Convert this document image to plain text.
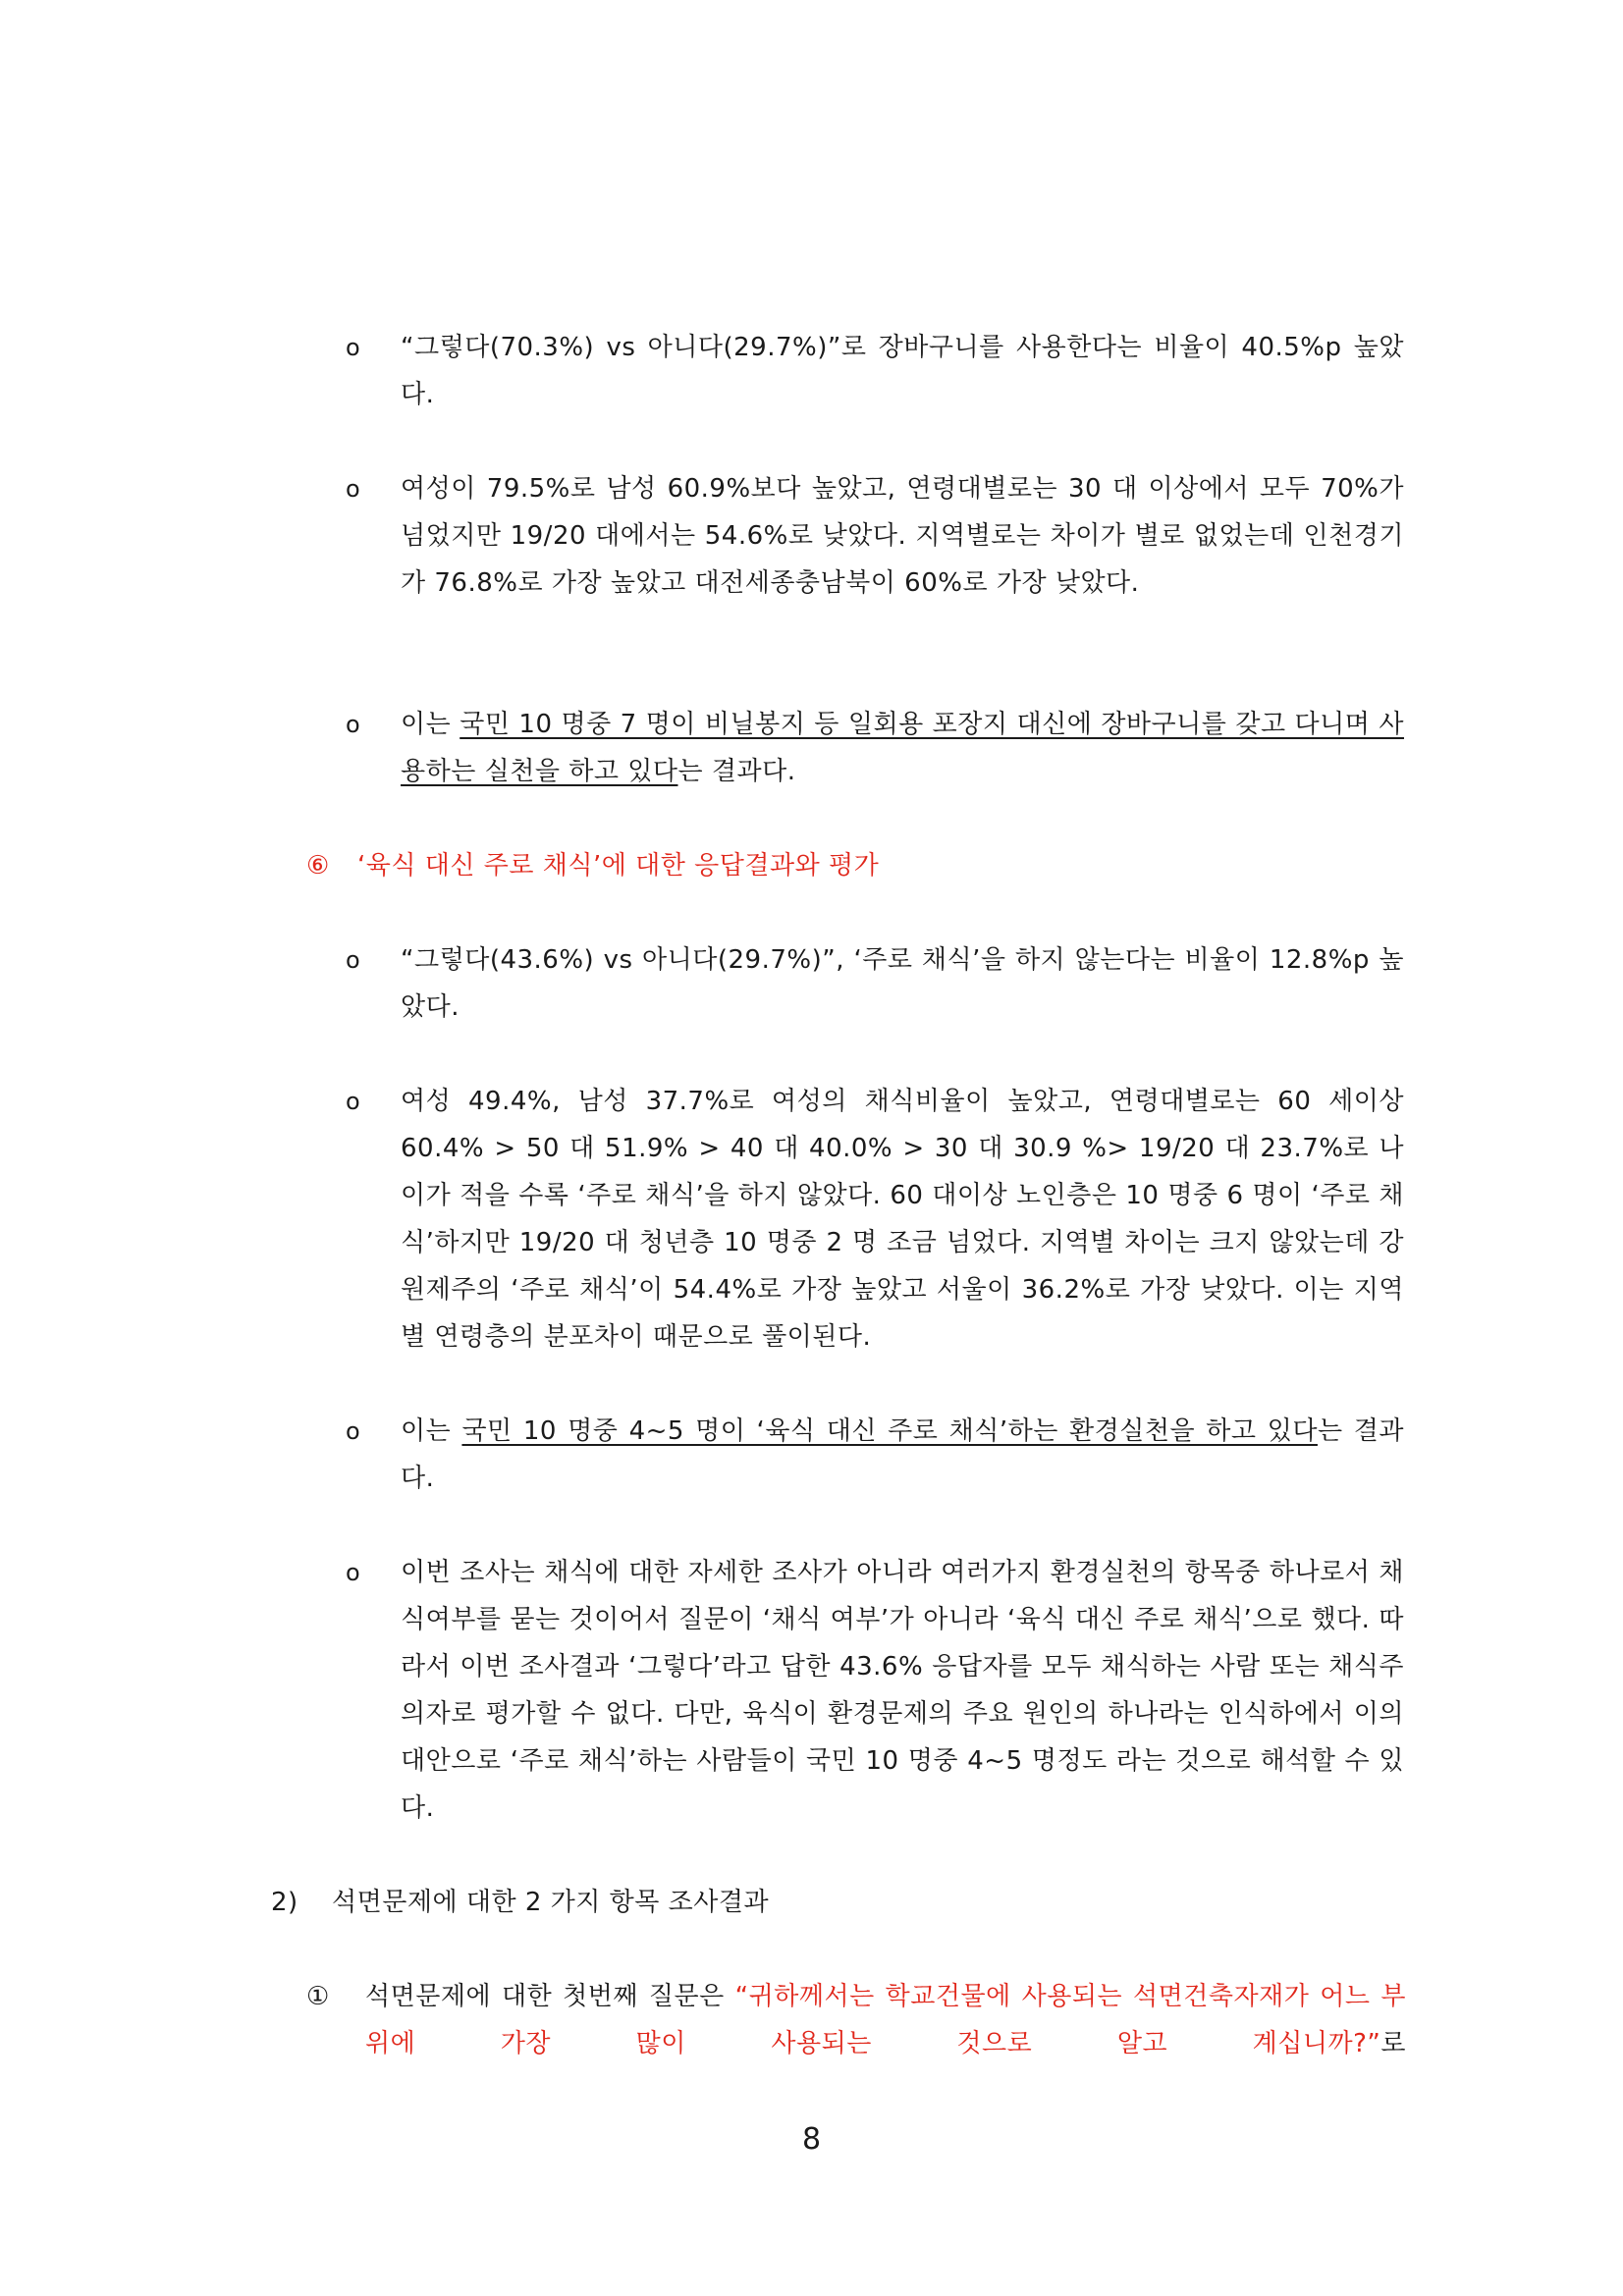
o “그렇다(70.3%) vs 아니다(29.7%)”로 장바구니를 사용한다는 비율이 40.5%p 높았다.
o 여성이 79.5%로 남성 60.9%보다 높았고, 연령대별로는 30 대 이상에서 모두 70%가 넘었지만 19/20 대에서는 54.6%로 낮았다. 지역별로는 차이가 별로 없었는데 인천경기가 76.8%로 가장 높았고 대전세종충남북이 60%로 가장 낮았다.
o 이는 국민 10 명중 7 명이 비닐봉지 등 일회용 포장지 대신에 장바구니를 갖고 다니며 사용하는 실천을 하고 있다는 결과다.
⑥ ‘육식 대신 주로 채식’에 대한 응답결과와 평가
o “그렇다(43.6%) vs 아니다(29.7%)”, ‘주로 채식’을 하지 않는다는 비율이 12.8%p 높았다.
o 여성 49.4%, 남성 37.7%로 여성의 채식비율이 높았고, 연령대별로는 60 세이상 60.4% > 50 대 51.9% > 40 대 40.0% > 30 대 30.9 %> 19/20 대 23.7%로 나이가 적을 수록 ‘주로 채식’을 하지 않았다. 60 대이상 노인층은 10 명중 6 명이 ‘주로 채식’하지만 19/20 대 청년층 10 명중 2 명 조금 넘었다. 지역별 차이는 크지 않았는데 강원제주의 ‘주로 채식’이 54.4%로 가장 높았고 서울이 36.2%로 가장 낮았다. 이는 지역별 연령층의 분포차이 때문으로 풀이된다.
o 이는 국민 10 명중 4~5 명이 ‘육식 대신 주로 채식’하는 환경실천을 하고 있다는 결과다.
o 이번 조사는 채식에 대한 자세한 조사가 아니라 여러가지 환경실천의 항목중 하나로서 채식여부를 묻는 것이어서 질문이 ‘채식 여부’가 아니라 ‘육식 대신 주로 채식’으로 했다. 따라서 이번 조사결과 ‘그렇다’라고 답한 43.6% 응답자를 모두 채식하는 사람 또는 채식주의자로 평가할 수 없다. 다만, 육식이 환경문제의 주요 원인의 하나라는 인식하에서 이의 대안으로 ‘주로 채식’하는 사람들이 국민 10 명중 4~5 명정도 라는 것으로 해석할 수 있다.
2) 석면문제에 대한 2 가지 항목 조사결과
① 석면문제에 대한 첫번째 질문은 “귀하께서는 학교건물에 사용되는 석면건축자재가 어느 부위에 가장 많이 사용되는 것으로 알고 계십니까?”로
8
